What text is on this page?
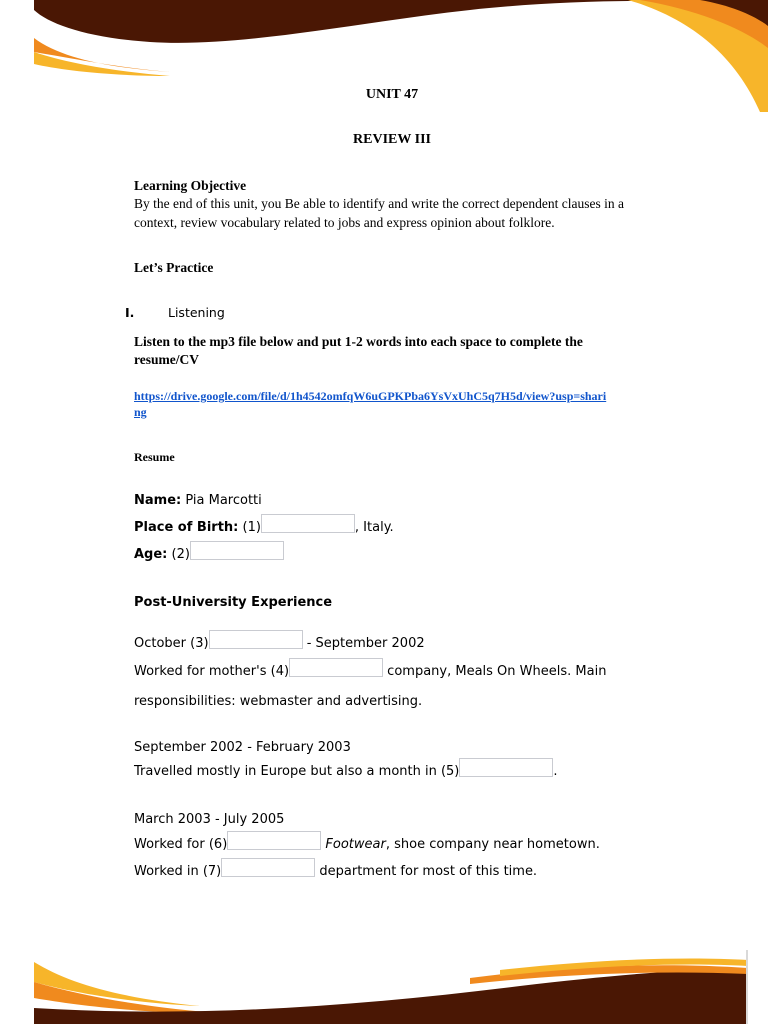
UNIT 47
REVIEW III
Learning Objective
By the end of this unit, you Be able to identify and write the correct dependent clauses in a
context, review vocabulary related to jobs and express opinion about folklore.
Let’s Practice
I.	Listening
Listen to the mp3 file below and put 1-2 words into each space to complete the
resume/CV
https://drive.google.com/file/d/1h4542omfqW6uGPKPba6YsVxUhC5q7H5d/view?usp=shari
ng
Resume
Name: Pia Marcotti
Place of Birth: (1)	, Italy.
Age: (2)
Post-University Experience
October (3)	- September 2002
Worked for mother's (4)	company, Meals On Wheels. Main
responsibilities: webmaster and advertising.
September 2002 - February 2003
Travelled mostly in Europe but also a month in (5)	.
March 2003 - July 2005
Worked for (6)	Footwear, shoe company near hometown.
Worked in (7)	department for most of this time.
